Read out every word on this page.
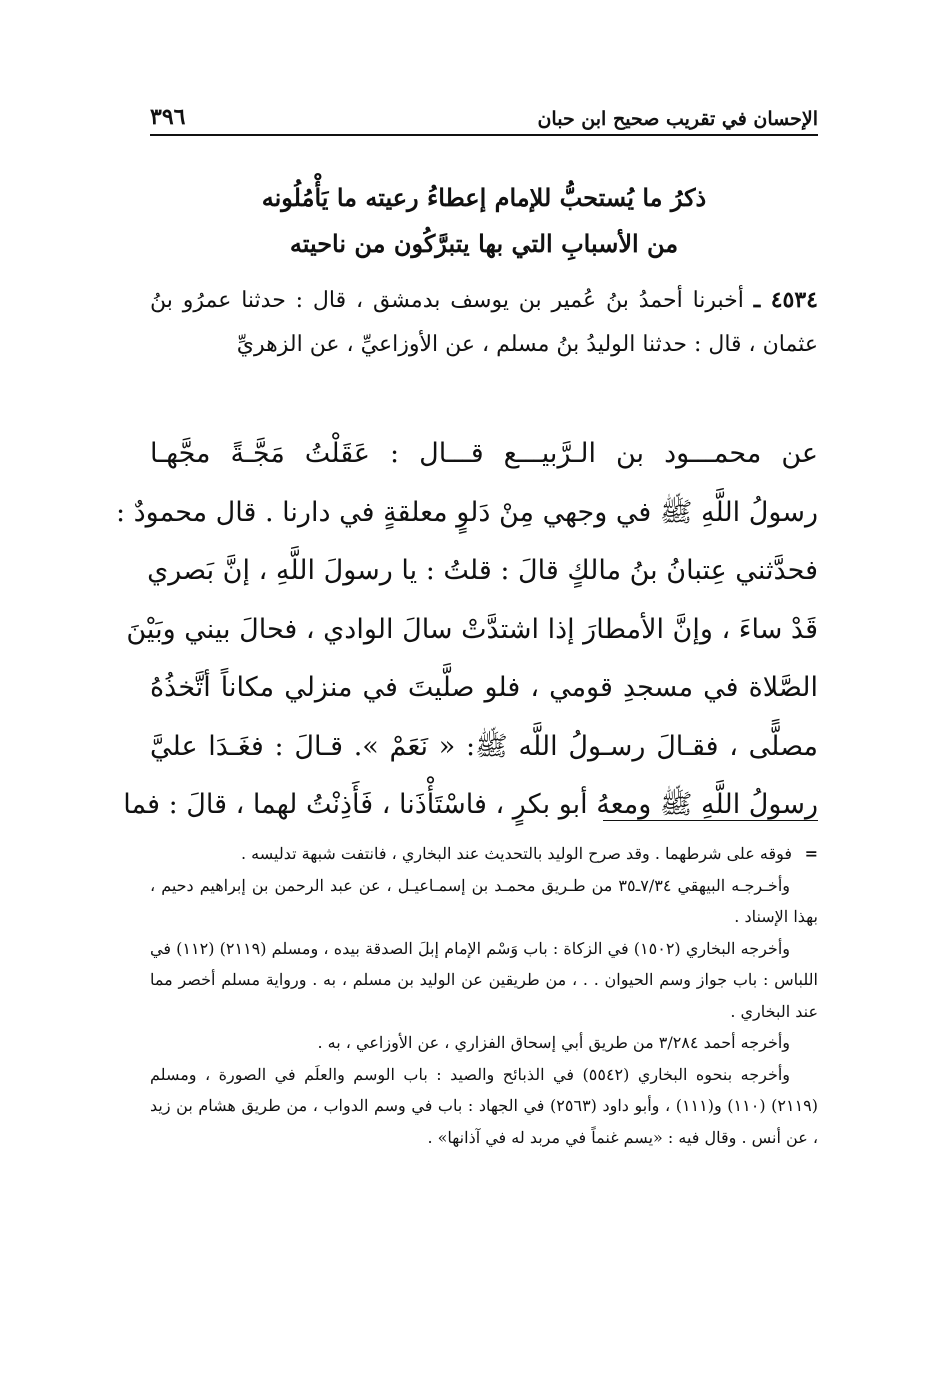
الإحسان في تقريب صحيح ابن حبان
٣٩٦
ذكرُ ما يُستحبُّ للإمام إعطاءُ رعيته ما يَأْمُلُونه
من الأسبابِ التي بها يتبرَّكُون من ناحيته

٤٥٣٤ ـ أخبرنا أحمدُ بنُ عُمير بن يوسف بدمشق ، قال : حدثنا عمرُو بنُ عثمان ، قال : حدثنا الوليدُ بنُ مسلم ، عن الأوزاعيِّ ، عن الزهريِّ

عن محمـــود بن الـرَّبيـــع قـــال : عَقَلْتُ مَجَّـةً مجَّهـا
رسولُ اللَّهِ ﷺ في وجهي مِنْ دَلوٍ معلقةٍ في دارنا . قال محمودٌ :
فحدَّثني عِتبانُ بنُ مالكٍ قالَ : قلتُ : يا رسولَ اللَّهِ ، إنَّ بَصري
قَدْ ساءَ ، وإنَّ الأمطارَ إذا اشتدَّتْ سالَ الوادي ، فحالَ بيني وبَيْنَ
الصَّلاة في مسجدِ قومي ، فلو صلَّيتَ في منزلي مكاناً أتَّخذُهُ
مصلًّى ، فقـالَ رسـولُ اللَّه ﷺ: « نَعَمْ ». قـالَ : فغَـدَا عليَّ
رسولُ اللَّهِ ﷺ ومعهُ أبو بكرٍ ، فاسْتَأْذَنا ، فَأَذِنْتُ لهما ، قالَ : فما

=فوقه على شرطهما . وقد صرح الوليد بالتحديث عند البخاري ، فانتفت شبهة تدليسه .

وأخـرجـه البيهقي ٧/٣٤ـ٣٥ من طـريق محمـد بن إسمـاعيـل ، عن عبد الرحمن بن إبراهيم دحيم ، بهذا الإسناد .

وأخرجه البخاري (١٥٠٢) في الزكاة : باب وَسْم الإمام إبلَ الصدقة بيده ، ومسلم (٢١١٩) (١١٢) في اللباس : باب جواز وسم الحيوان . . ، من طريقين عن الوليد بن مسلم ، به . ورواية مسلم أخصر مما عند البخاري .

وأخرجه أحمد ٣/٢٨٤ من طريق أبي إسحاق الفزاري ، عن الأوزاعي ، به .

وأخرجه بنحوه البخاري (٥٥٤٢) في الذبائح والصيد : باب الوسم والعلَم في الصورة ، ومسلم (٢١١٩) (١١٠) و(١١١) ، وأبو داود (٢٥٦٣) في الجهاد : باب في وسم الدواب ، من طريق هشام بن زيد ، عن أنس . وقال فيه : «يسم غنماً في مربد له في آذانها» .
